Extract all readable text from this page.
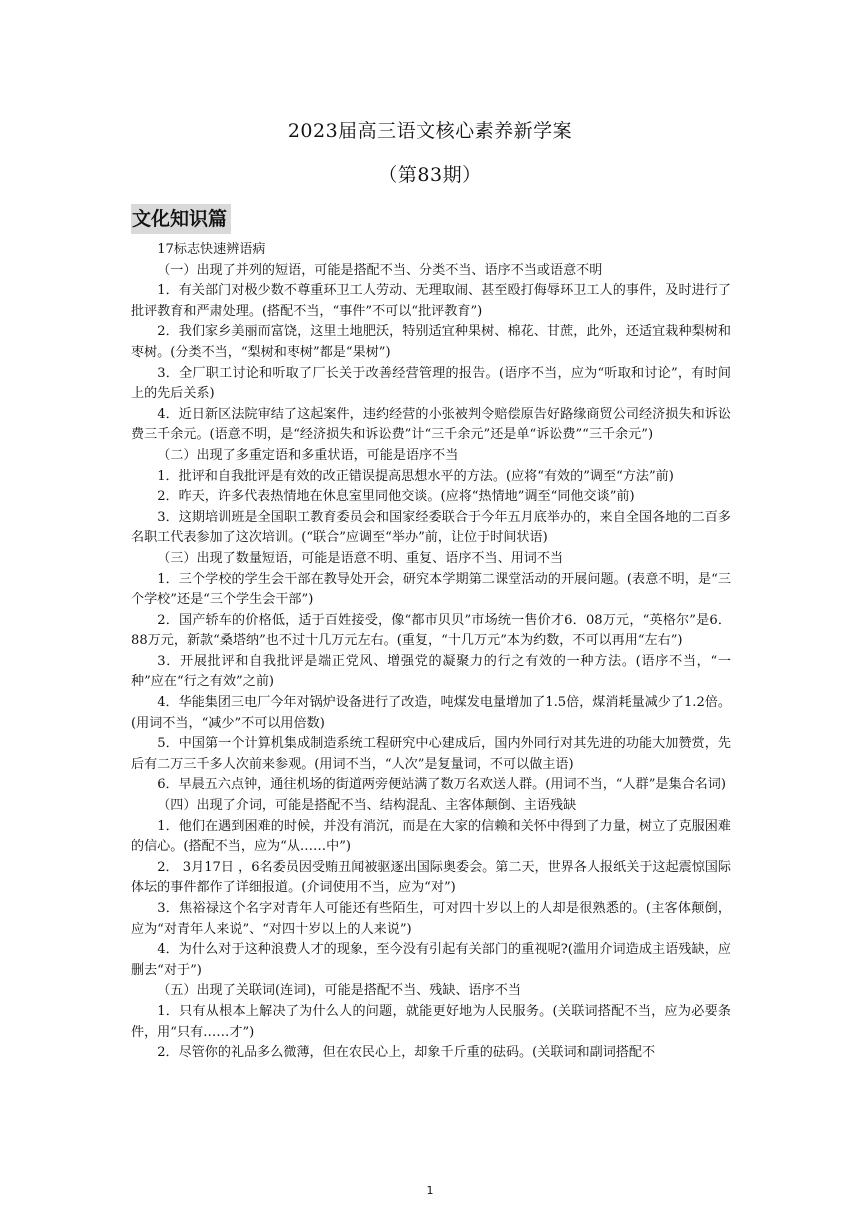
2023届高三语文核心素养新学案
（第83期）
文化知识篇

17标志快速辨语病

（一）出现了并列的短语，可能是搭配不当、分类不当、语序不当或语意不明

1．有关部门对极少数不尊重环卫工人劳动、无理取闹、甚至殴打侮辱环卫工人的事件，及时进行了批评教育和严肃处理。(搭配不当，“事件”不可以“批评教育”)

2．我们家乡美丽而富饶，这里土地肥沃，特别适宜种果树、棉花、甘蔗，此外，还适宜栽种梨树和枣树。(分类不当，“梨树和枣树”都是“果树”)

3．全厂职工讨论和听取了厂长关于改善经营管理的报告。(语序不当，应为“听取和讨论”，有时间上的先后关系)

4．近日新区法院审结了这起案件，违约经营的小张被判令赔偿原告好路缘商贸公司经济损失和诉讼费三千余元。(语意不明，是“经济损失和诉讼费”计“三千余元”还是单“诉讼费”“三千余元”)

（二）出现了多重定语和多重状语，可能是语序不当

1．批评和自我批评是有效的改正错误提高思想水平的方法。(应将“有效的”调至“方法”前)

2．昨天，许多代表热情地在休息室里同他交谈。(应将“热情地”调至“同他交谈”前)

3．这期培训班是全国职工教育委员会和国家经委联合于今年五月底举办的，来自全国各地的二百多名职工代表参加了这次培训。(“联合”应调至“举办”前，让位于时间状语)

（三）出现了数量短语，可能是语意不明、重复、语序不当、用词不当

1．三个学校的学生会干部在教导处开会，研究本学期第二课堂活动的开展问题。(表意不明，是“三个学校”还是“三个学生会干部”)

2．国产轿车的价格低，适于百姓接受，像“都市贝贝”市场统一售价才6．08万元，“英格尔”是6．88万元，新款“桑塔纳”也不过十几万元左右。(重复，“十几万元”本为约数，不可以再用“左右”)

3．开展批评和自我批评是端正党风、增强党的凝聚力的行之有效的一种方法。(语序不当，“一种”应在“行之有效”之前)

4．华能集团三电厂今年对锅炉设备进行了改造，吨煤发电量增加了1.5倍，煤消耗量减少了1.2倍。(用词不当，“减少”不可以用倍数)

5．中国第一个计算机集成制造系统工程研究中心建成后，国内外同行对其先进的功能大加赞赏，先后有二万三千多人次前来参观。(用词不当，“人次”是复量词，不可以做主语)

6．早晨五六点钟，通往机场的街道两旁便站满了数万名欢送人群。(用词不当，“人群”是集合名词)

（四）出现了介词，可能是搭配不当、结构混乱、主客体颠倒、主语残缺

1．他们在遇到困难的时候，并没有消沉，而是在大家的信赖和关怀中得到了力量，树立了克服困难的信心。(搭配不当，应为“从……中”)

2． 3月17日 ，6名委员因受贿丑闻被驱逐出国际奥委会。第二天，世界各人报纸关于这起震惊国际体坛的事件都作了详细报道。(介词使用不当，应为“对”)

3．焦裕禄这个名字对青年人可能还有些陌生，可对四十岁以上的人却是很熟悉的。(主客体颠倒，应为“对青年人来说”、“对四十岁以上的人来说”)

4．为什么对于这种浪费人才的现象，至今没有引起有关部门的重视呢?(滥用介词造成主语残缺，应删去“对于”)

（五）出现了关联词(连词)，可能是搭配不当、残缺、语序不当

1．只有从根本上解决了为什么人的问题，就能更好地为人民服务。(关联词搭配不当，应为必要条件，用“只有……才”)

2．尽管你的礼品多么微薄，但在农民心上，却象千斤重的砝码。(关联词和副词搭配不

1
